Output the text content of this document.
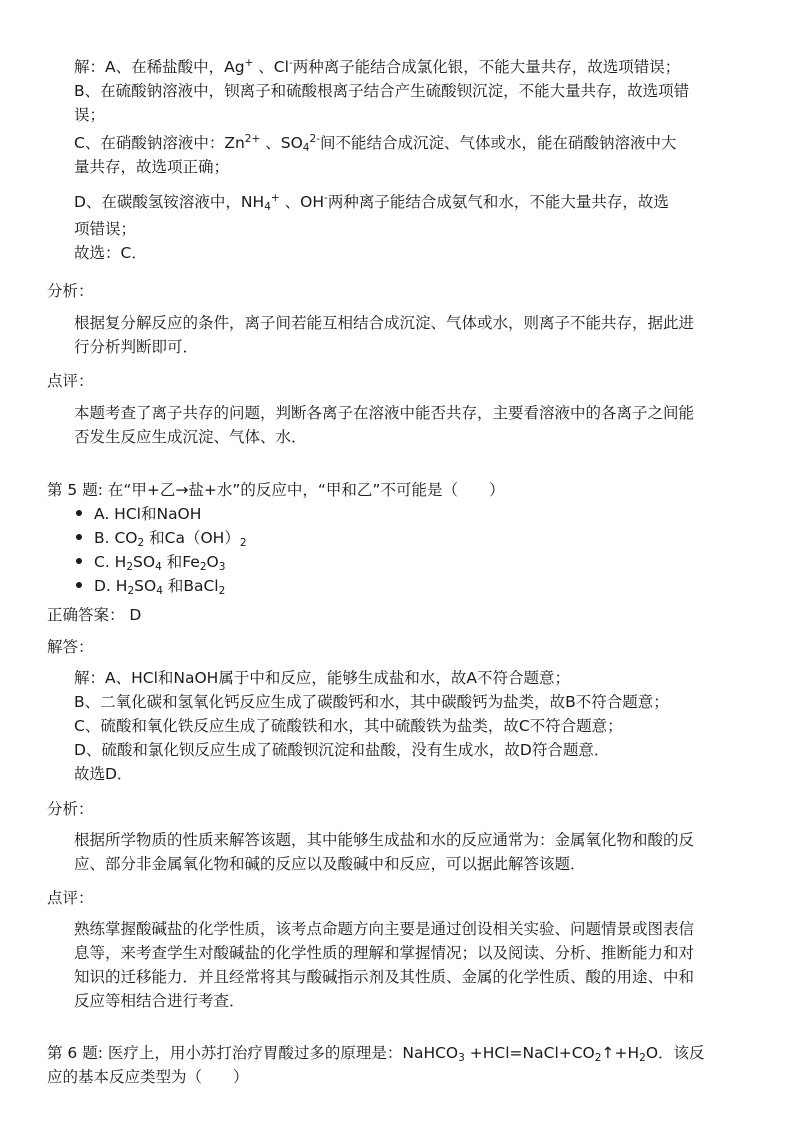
解：A、在稀盐酸中，Ag+ 、Cl-两种离子能结合成氯化银，不能大量共存，故选项错误；
B、在硫酸钠溶液中，钡离子和硫酸根离子结合产生硫酸钡沉淀，不能大量共存，故选项错
误；
C、在硝酸钠溶液中：$Zn^{2+}$ 、$SO_4^{2-}$间不能结合成沉淀、气体或水，能在硝酸钠溶液中大
量共存，故选项正确；
D、在碳酸氢铵溶液中，$NH_4^+$ 、OH-两种离子能结合成氨气和水，不能大量共存，故选
项错误；
故选：C．
分析：
根据复分解反应的条件，离子间若能互相结合成沉淀、气体或水，则离子不能共存，据此进
行分析判断即可．
点评：
本题考查了离子共存的问题，判断各离子在溶液中能否共存，主要看溶液中的各离子之间能
否发生反应生成沉淀、气体、水．
第 5 题: 在“甲+乙→盐+水”的反应中，“甲和乙”不可能是（　　）
A. HCl和NaOH
B. $CO_2$ 和$Ca(OH)_2$
C. $H_2SO_4$ 和$Fe_2O_3$
D. $H_2SO_4$ 和BaCl$_2$
正确答案： D
解答：
解：A、HCl和NaOH属于中和反应，能够生成盐和水，故A不符合题意；
B、二氧化碳和氢氧化钙反应生成了碳酸钙和水，其中碳酸钙为盐类，故B不符合题意；
C、硫酸和氧化铁反应生成了硫酸铁和水，其中硫酸铁为盐类，故C不符合题意；
D、硫酸和氯化钡反应生成了硫酸钡沉淀和盐酸，没有生成水，故D符合题意．
故选D．
分析：
根据所学物质的性质来解答该题，其中能够生成盐和水的反应通常为：金属氧化物和酸的反
应、部分非金属氧化物和碱的反应以及酸碱中和反应，可以据此解答该题．
点评：
熟练掌握酸碱盐的化学性质，该考点命题方向主要是通过创设相关实验、问题情景或图表信
息等，来考查学生对酸碱盐的化学性质的理解和掌握情况；以及阅读、分析、推断能力和对
知识的迁移能力．并且经常将其与酸碱指示剂及其性质、金属的化学性质、酸的用途、中和
反应等相结合进行考查．
第 6 题: 医疗上，用小苏打治疗胃酸过多的原理是：NaHCO$_3$ $+HCl=NaCl+CO_2↑+H_2O$．该反
应的基本反应类型为（　　）
